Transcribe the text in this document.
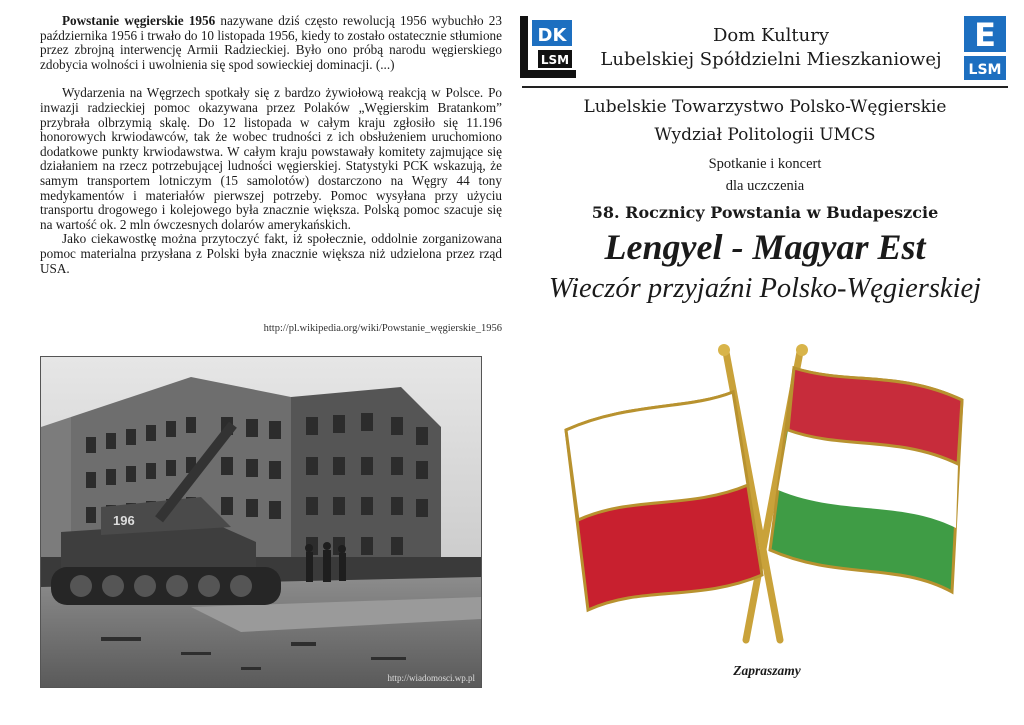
Powstanie węgierskie 1956 nazywane dziś często rewolucją 1956 wybuchło 23 października 1956 i trwało do 10 listopada 1956, kiedy to zostało ostatecznie stłumione przez zbrojną interwencję Armii Radzieckiej. Było ono próbą narodu węgierskiego zdobycia wolności i uwolnienia się spod sowieckiej dominacji. (...)

Wydarzenia na Węgrzech spotkały się z bardzo żywiołową reakcją w Polsce. Po inwazji radzieckiej pomoc okazywana przez Polaków „Węgierskim Bratankom” przybrała olbrzymią skalę. Do 12 listopada w całym kraju zgłosiło się 11.196 honorowych krwiodawców, tak że wobec trudności z ich obsłużeniem uruchomiono dodatkowe punkty krwiodawstwa. W całym kraju powstawały komitety zajmujące się działaniem na rzecz potrzebującej ludności węgierskiej. Statystyki PCK wskazują, że samym transportem lotniczym (15 samolotów) dostarczono na Węgry 44 tony medykamentów i materiałów pierwszej potrzeby. Pomoc wysyłana przy użyciu transportu drogowego i kolejowego była znacznie większa. Polską pomoc szacuje się na wartość ok. 2 mln ówczesnych dolarów amerykańskich.

Jako ciekawostkę można przytoczyć fakt, iż społecznie, oddolnie zorganizowana pomoc materialna przysłana z Polski była znacznie większa niż udzielona przez rząd USA.

http://pl.wikipedia.org/wiki/Powstanie_węgierskie_1956
196
http://wiadomosci.wp.pl
DK
LSM
Dom Kultury
Lubelskiej Spółdzielni Mieszkaniowej
E
LSM
Lubelskie Towarzystwo Polsko-Węgierskie
Wydział Politologii UMCS
Spotkanie i koncert
dla uczczenia
58. Rocznicy Powstania w Budapeszcie
Lengyel - Magyar Est
Wieczór przyjaźni Polsko-Węgierskiej
Zapraszamy
